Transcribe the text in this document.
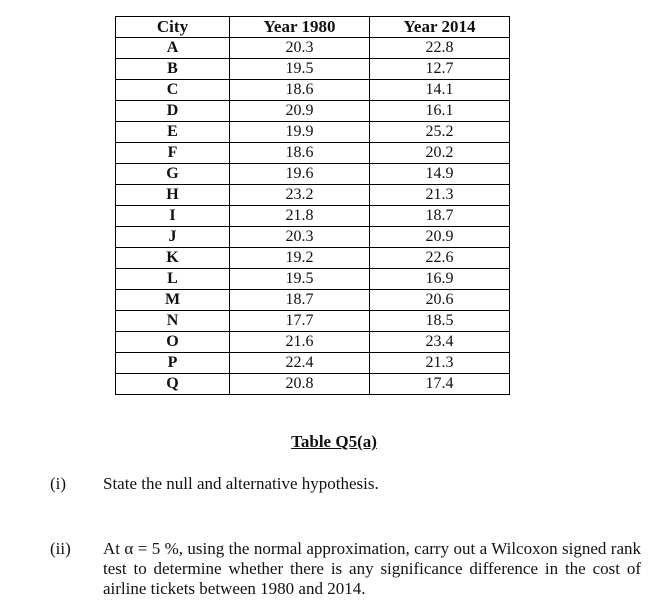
City	Year 1980	Year 2014
A	20.3	22.8
B	19.5	12.7
C	18.6	14.1
D	20.9	16.1
E	19.9	25.2
F	18.6	20.2
G	19.6	14.9
H	23.2	21.3
I	21.8	18.7
J	20.3	20.9
K	19.2	22.6
L	19.5	16.9
M	18.7	20.6
N	17.7	18.5
O	21.6	23.4
P	22.4	21.3
Q	20.8	17.4
Table Q5(a)
(i) State the null and alternative hypothesis.
(ii) At α = 5 %, using the normal approximation, carry out a Wilcoxon signed rank test to determine whether there is any significance difference in the cost of airline tickets between 1980 and 2014.
